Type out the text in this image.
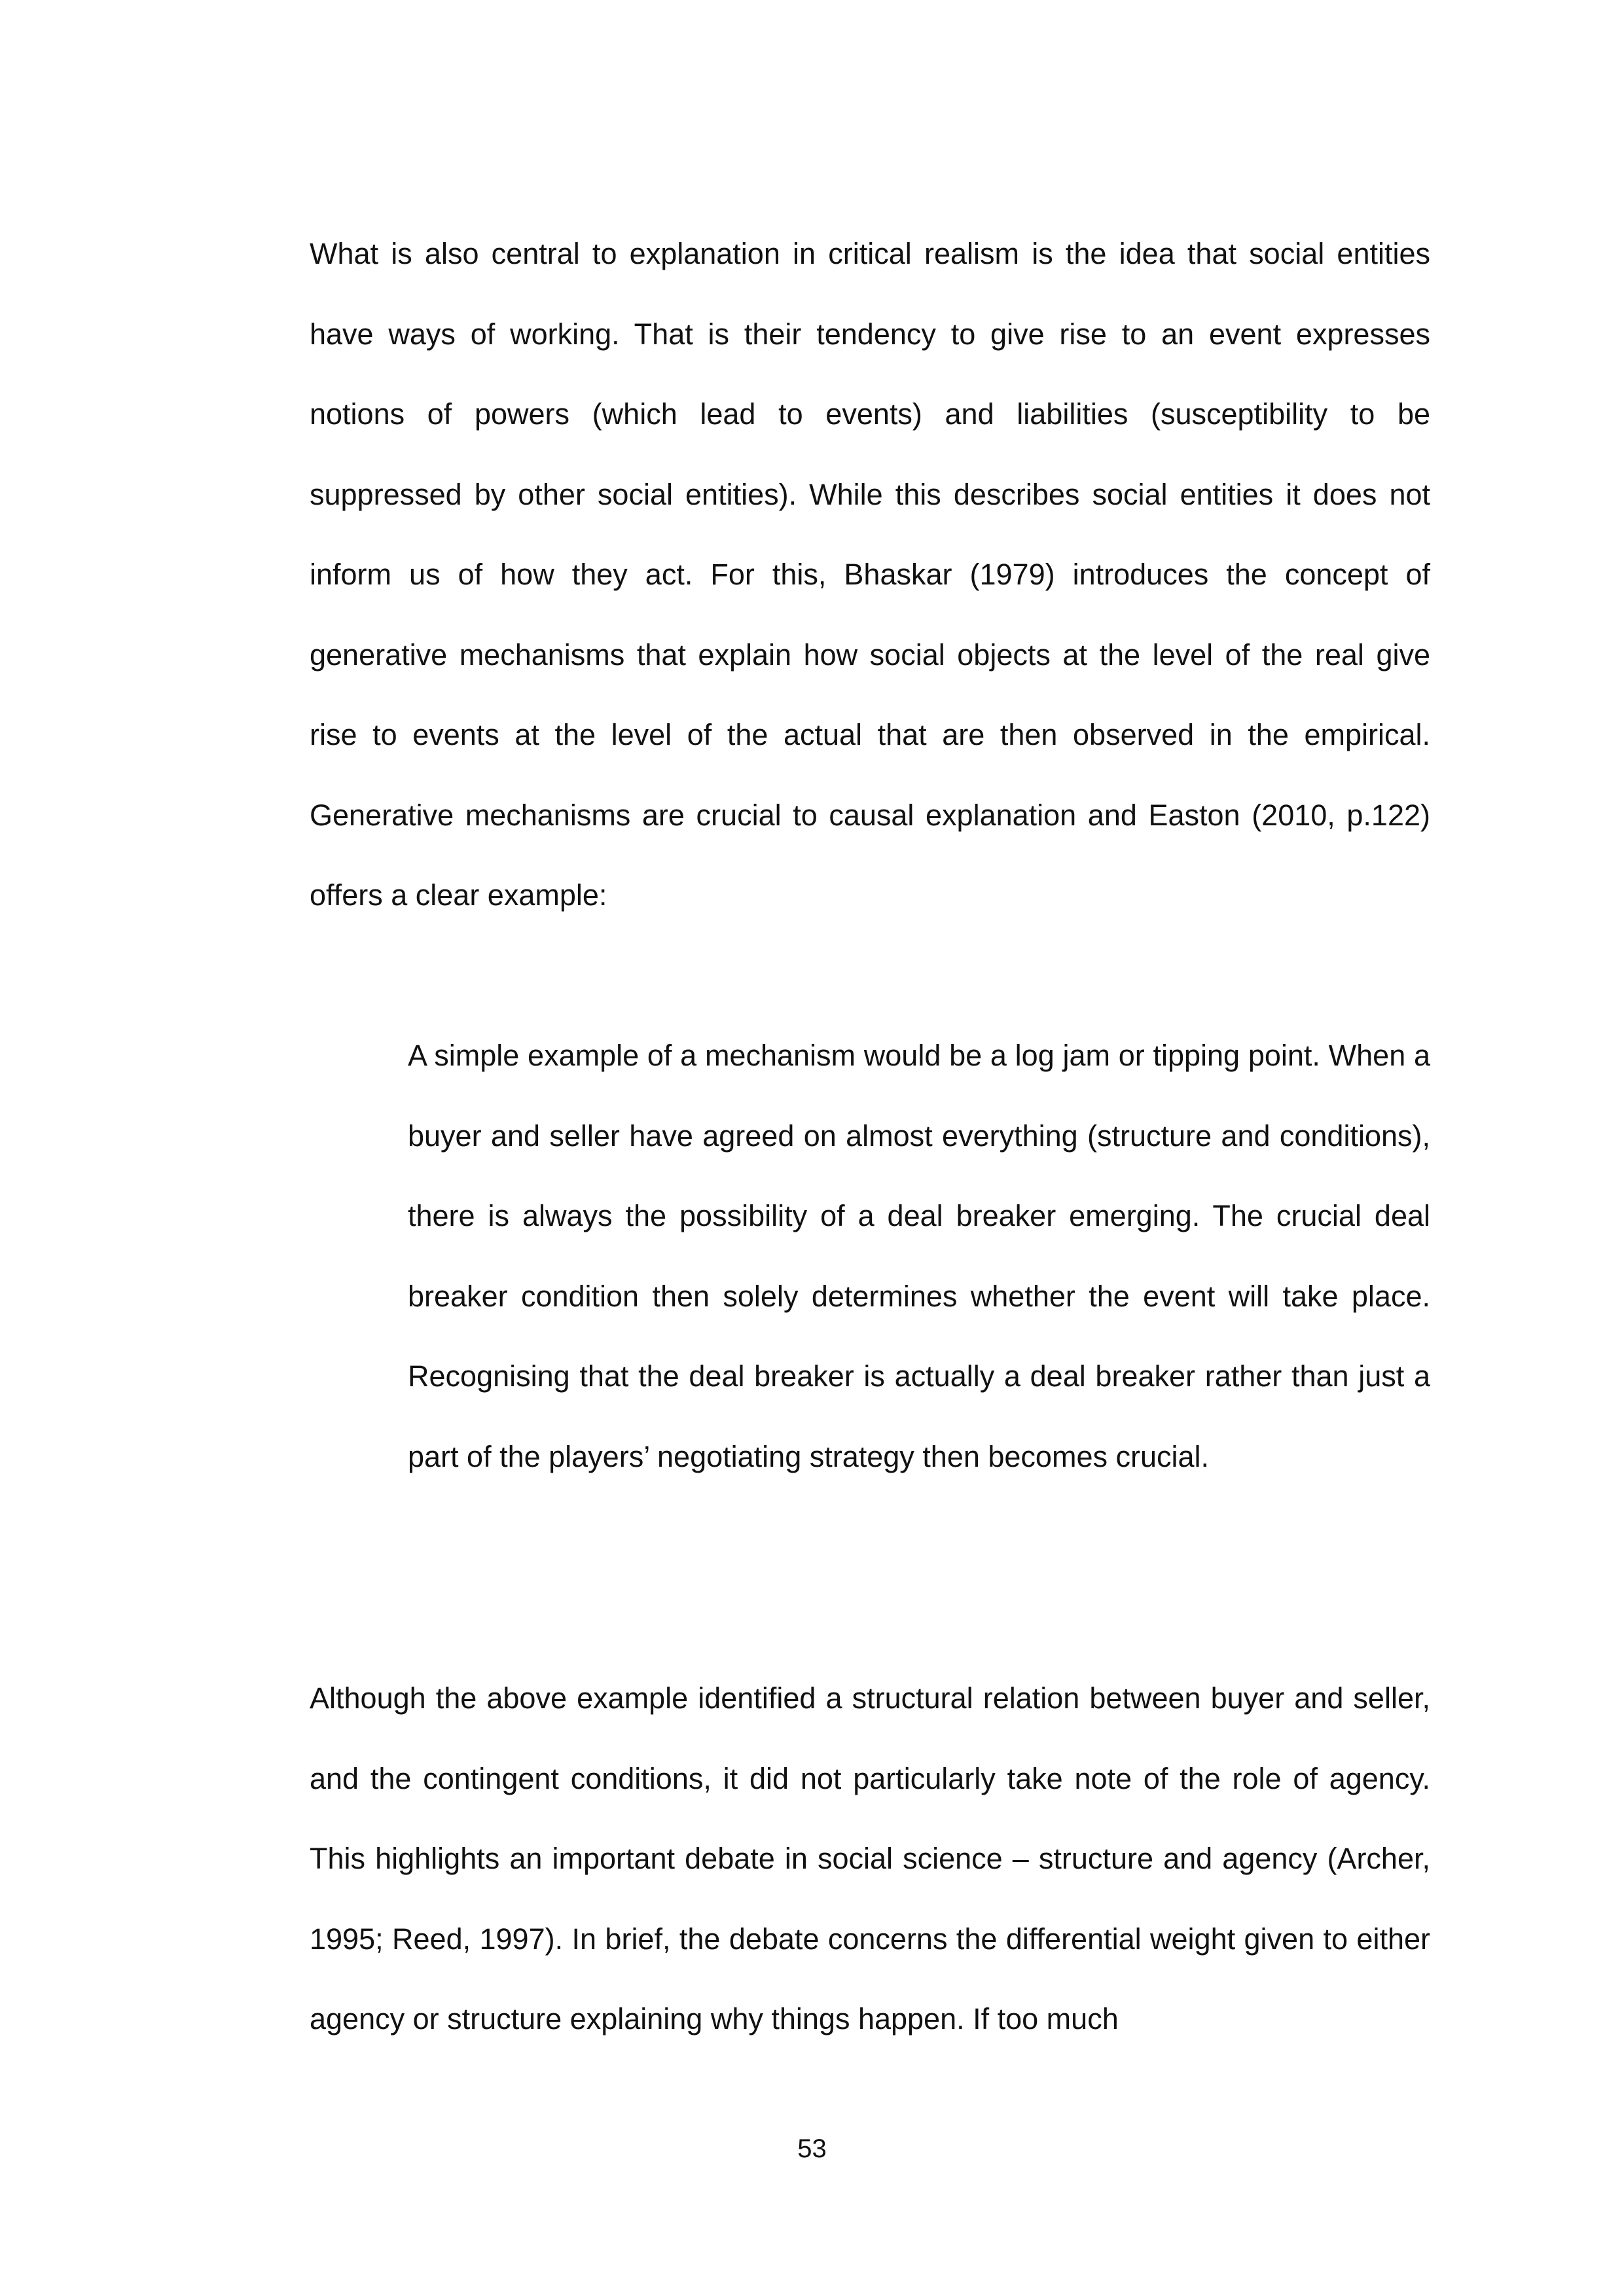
What is also central to explanation in critical realism is the idea that social entities have ways of working. That is their tendency to give rise to an event expresses notions of powers (which lead to events) and liabilities (susceptibility to be suppressed by other social entities). While this describes social entities it does not inform us of how they act. For this, Bhaskar (1979) introduces the concept of generative mechanisms that explain how social objects at the level of the real give rise to events at the level of the actual that are then observed in the empirical. Generative mechanisms are crucial to causal explanation and Easton (2010, p.122) offers a clear example:

A simple example of a mechanism would be a log jam or tipping point. When a buyer and seller have agreed on almost everything (structure and conditions), there is always the possibility of a deal breaker emerging. The crucial deal breaker condition then solely determines whether the event will take place. Recognising that the deal breaker is actually a deal breaker rather than just a part of the players’ negotiating strategy then becomes crucial.

Although the above example identified a structural relation between buyer and seller, and the contingent conditions, it did not particularly take note of the role of agency. This highlights an important debate in social science – structure and agency (Archer, 1995; Reed, 1997). In brief, the debate concerns the differential weight given to either agency or structure explaining why things happen. If too much

53
